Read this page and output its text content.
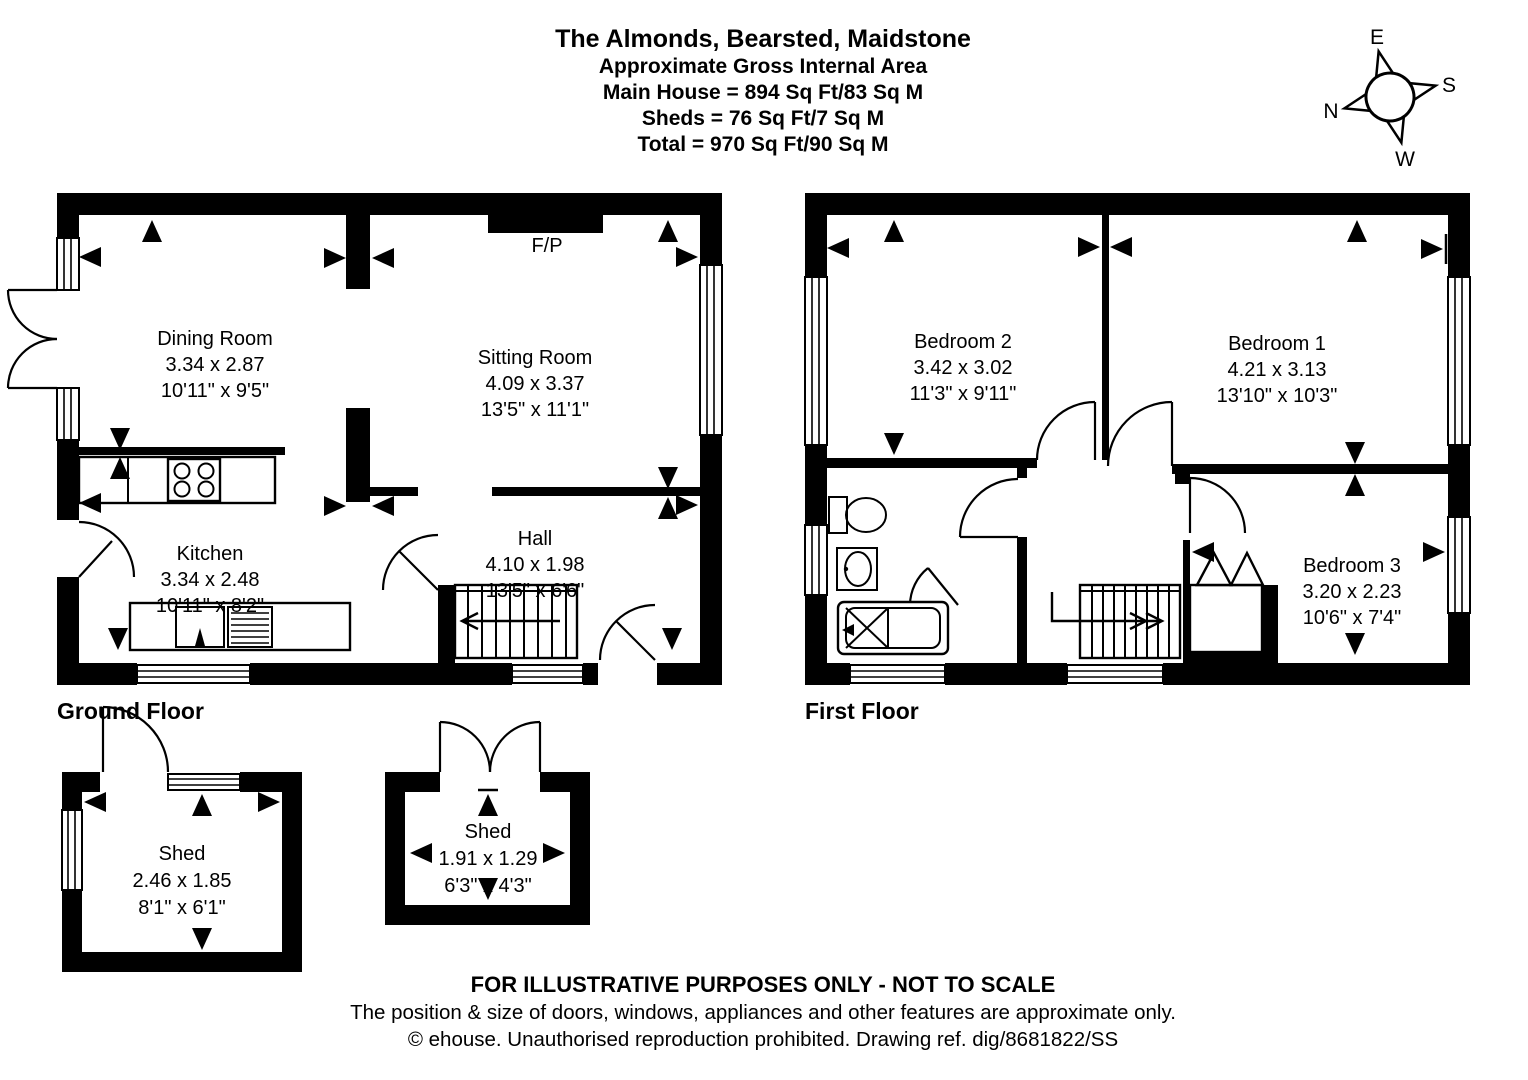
The Almonds, Bearsted, Maidstone
Approximate Gross Internal Area
Main House = 894 Sq Ft/83 Sq M
Sheds = 76 Sq Ft/7 Sq M
Total = 970 Sq Ft/90 Sq M
E
S
N
W
F/P
Dining Room
3.34 x 2.87
10'11" x 9'5"
Sitting Room
4.09 x 3.37
13'5" x 11'1"
Kitchen
3.34 x 2.48
10'11" x 8'2"
Hall
4.10 x 1.98
13'5" x 6'6"
Ground Floor
Bedroom 2
3.42 x 3.02
11'3" x 9'11"
Bedroom 1
4.21 x 3.13
13'10" x 10'3"
Bedroom 3
3.20 x 2.23
10'6" x 7'4"
First Floor
Shed
2.46 x 1.85
8'1" x 6'1"
Shed
1.91 x 1.29
6'3" x 4'3"
FOR ILLUSTRATIVE PURPOSES ONLY - NOT TO SCALE
The position & size of doors, windows, appliances and other features are approximate only.
© ehouse. Unauthorised reproduction prohibited. Drawing ref. dig/8681822/SS
